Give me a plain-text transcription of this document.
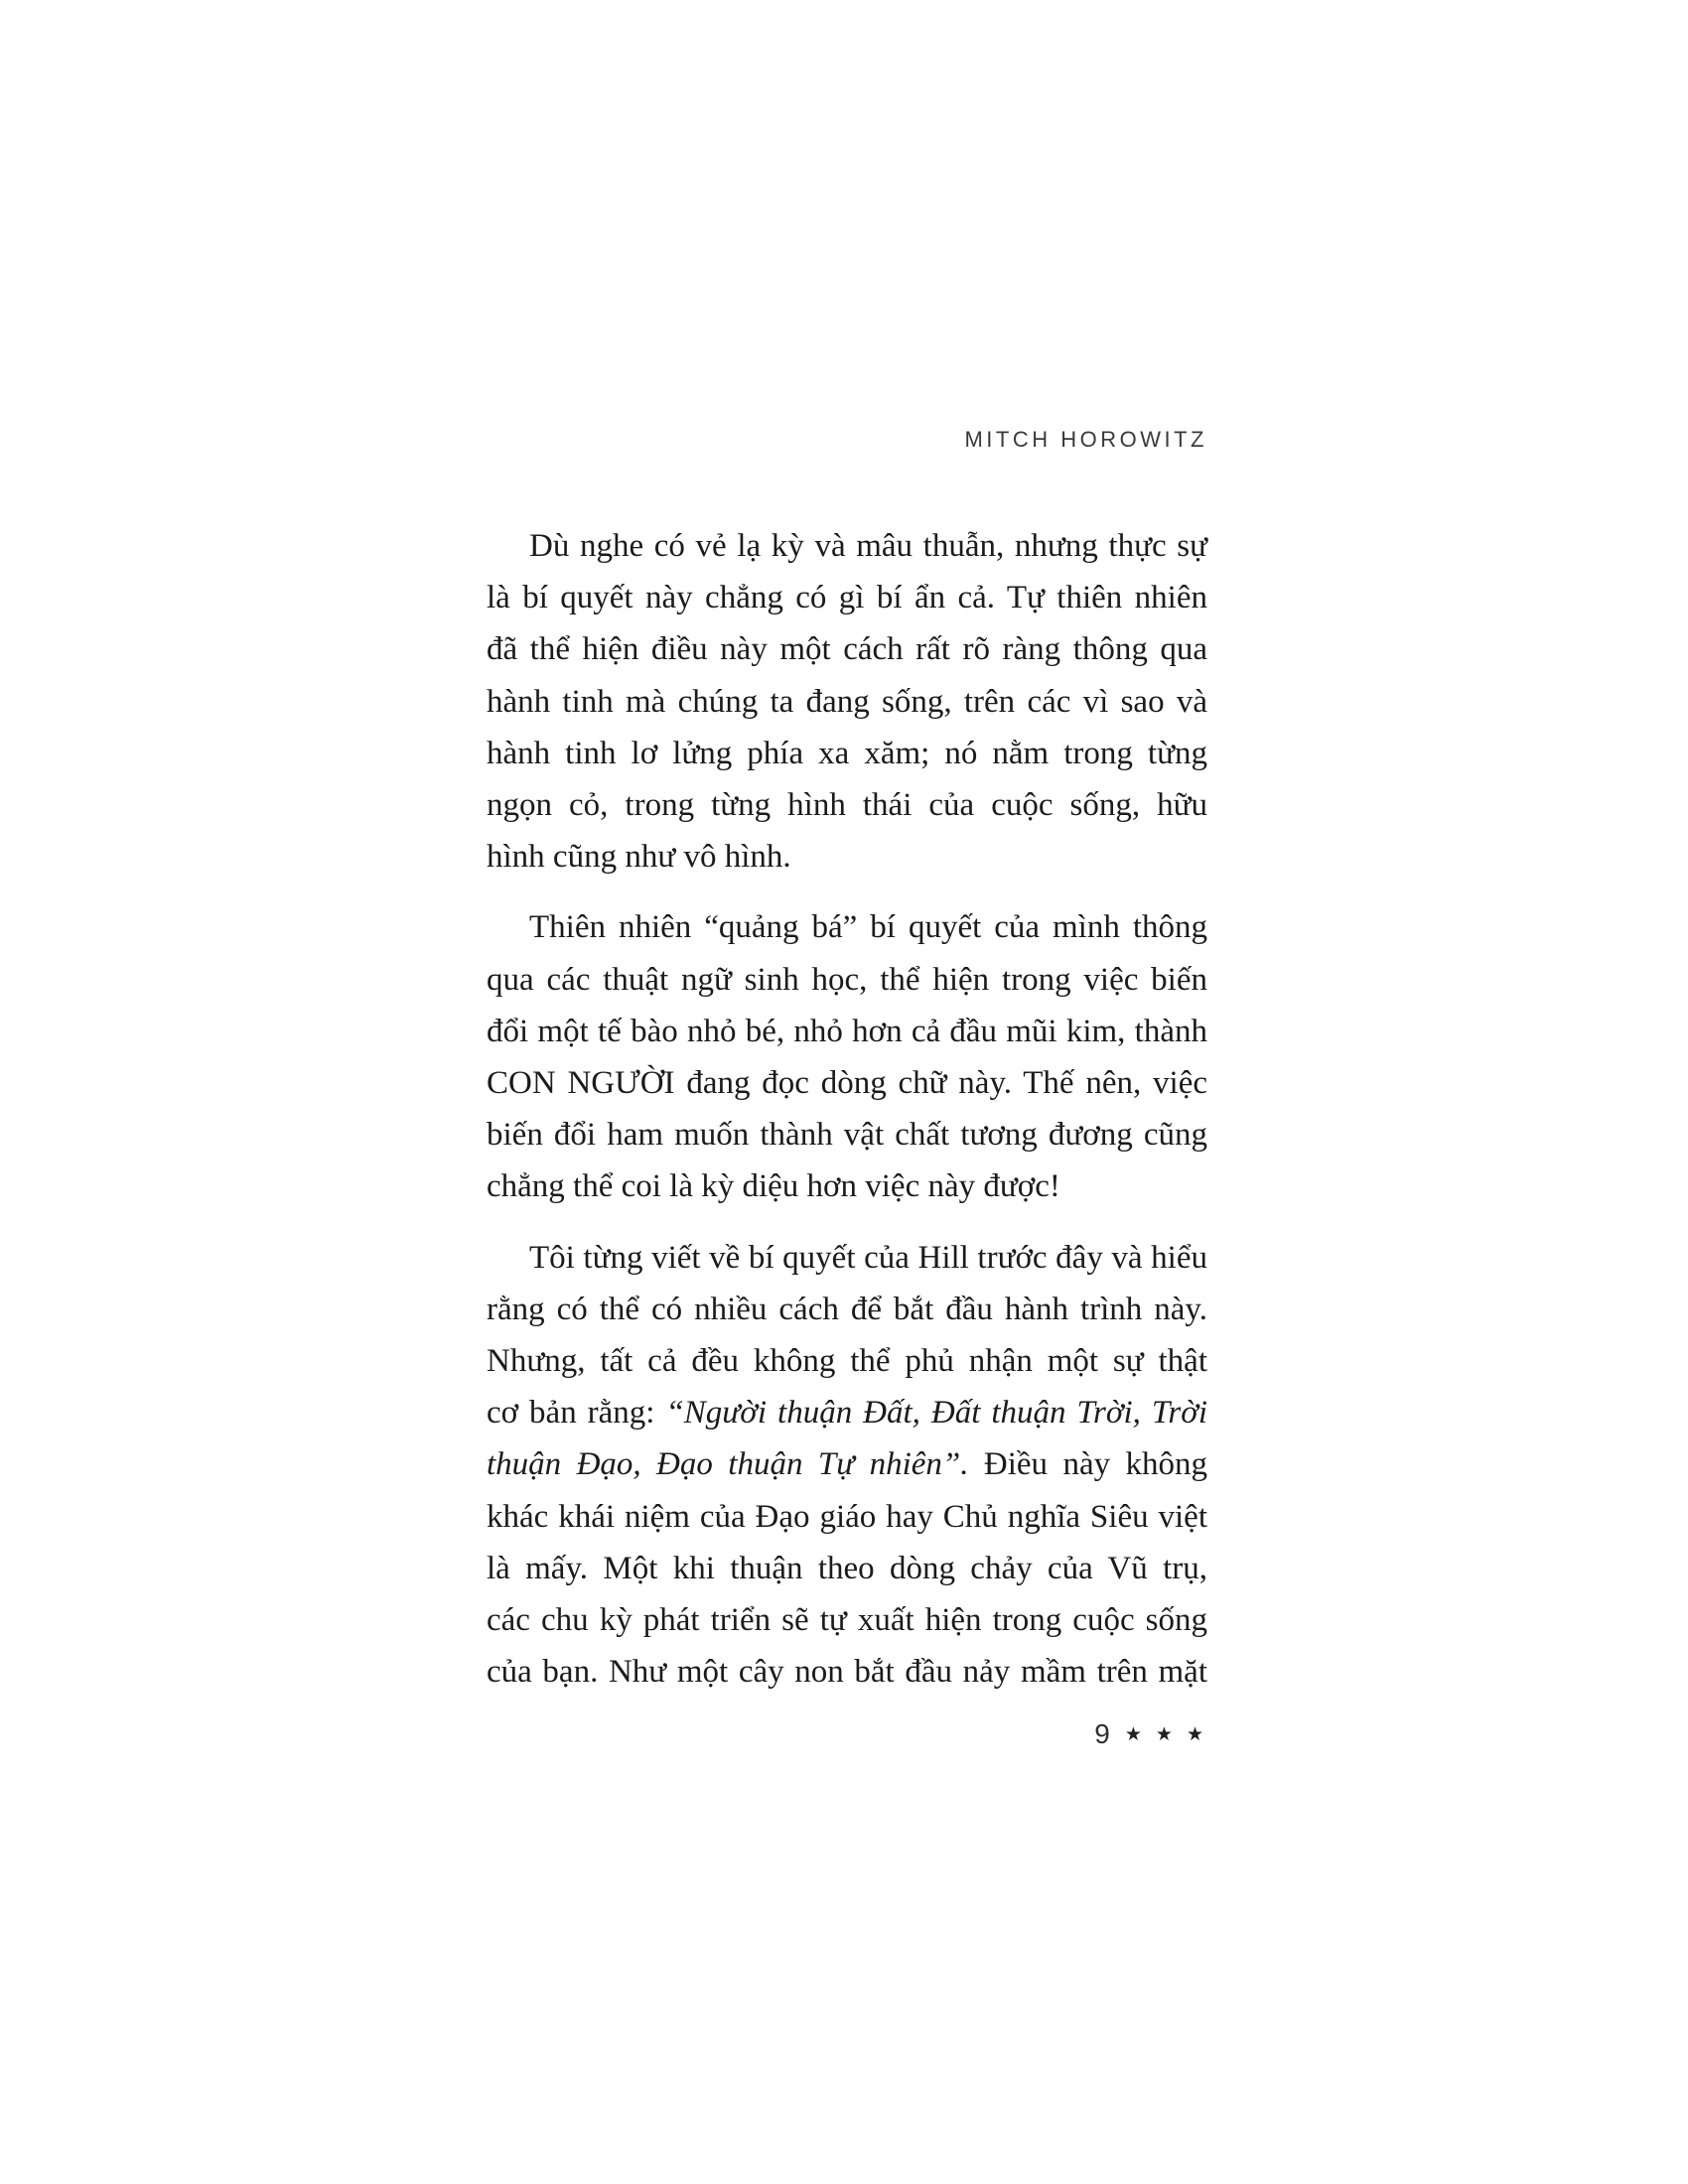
MITCH HOROWITZ
Dù nghe có vẻ lạ kỳ và mâu thuẫn, nhưng thực sự
là bí quyết này chẳng có gì bí ẩn cả. Tự thiên nhiên
đã thể hiện điều này một cách rất rõ ràng thông qua
hành tinh mà chúng ta đang sống, trên các vì sao và
hành tinh lơ lửng phía xa xăm; nó nằm trong từng
ngọn cỏ, trong từng hình thái của cuộc sống, hữu
hình cũng như vô hình.
Thiên nhiên “quảng bá” bí quyết của mình thông
qua các thuật ngữ sinh học, thể hiện trong việc biến
đổi một tế bào nhỏ bé, nhỏ hơn cả đầu mũi kim, thành
CON NGƯỜI đang đọc dòng chữ này. Thế nên, việc
biến đổi ham muốn thành vật chất tương đương cũng
chẳng thể coi là kỳ diệu hơn việc này được!
Tôi từng viết về bí quyết của Hill trước đây và hiểu
rằng có thể có nhiều cách để bắt đầu hành trình này.
Nhưng, tất cả đều không thể phủ nhận một sự thật
cơ bản rằng: “Người thuận Đất, Đất thuận Trời, Trời
thuận Đạo, Đạo thuận Tự nhiên”. Điều này không
khác khái niệm của Đạo giáo hay Chủ nghĩa Siêu việt
là mấy. Một khi thuận theo dòng chảy của Vũ trụ,
các chu kỳ phát triển sẽ tự xuất hiện trong cuộc sống
của bạn. Như một cây non bắt đầu nảy mầm trên mặt
9 ★ ★ ★
